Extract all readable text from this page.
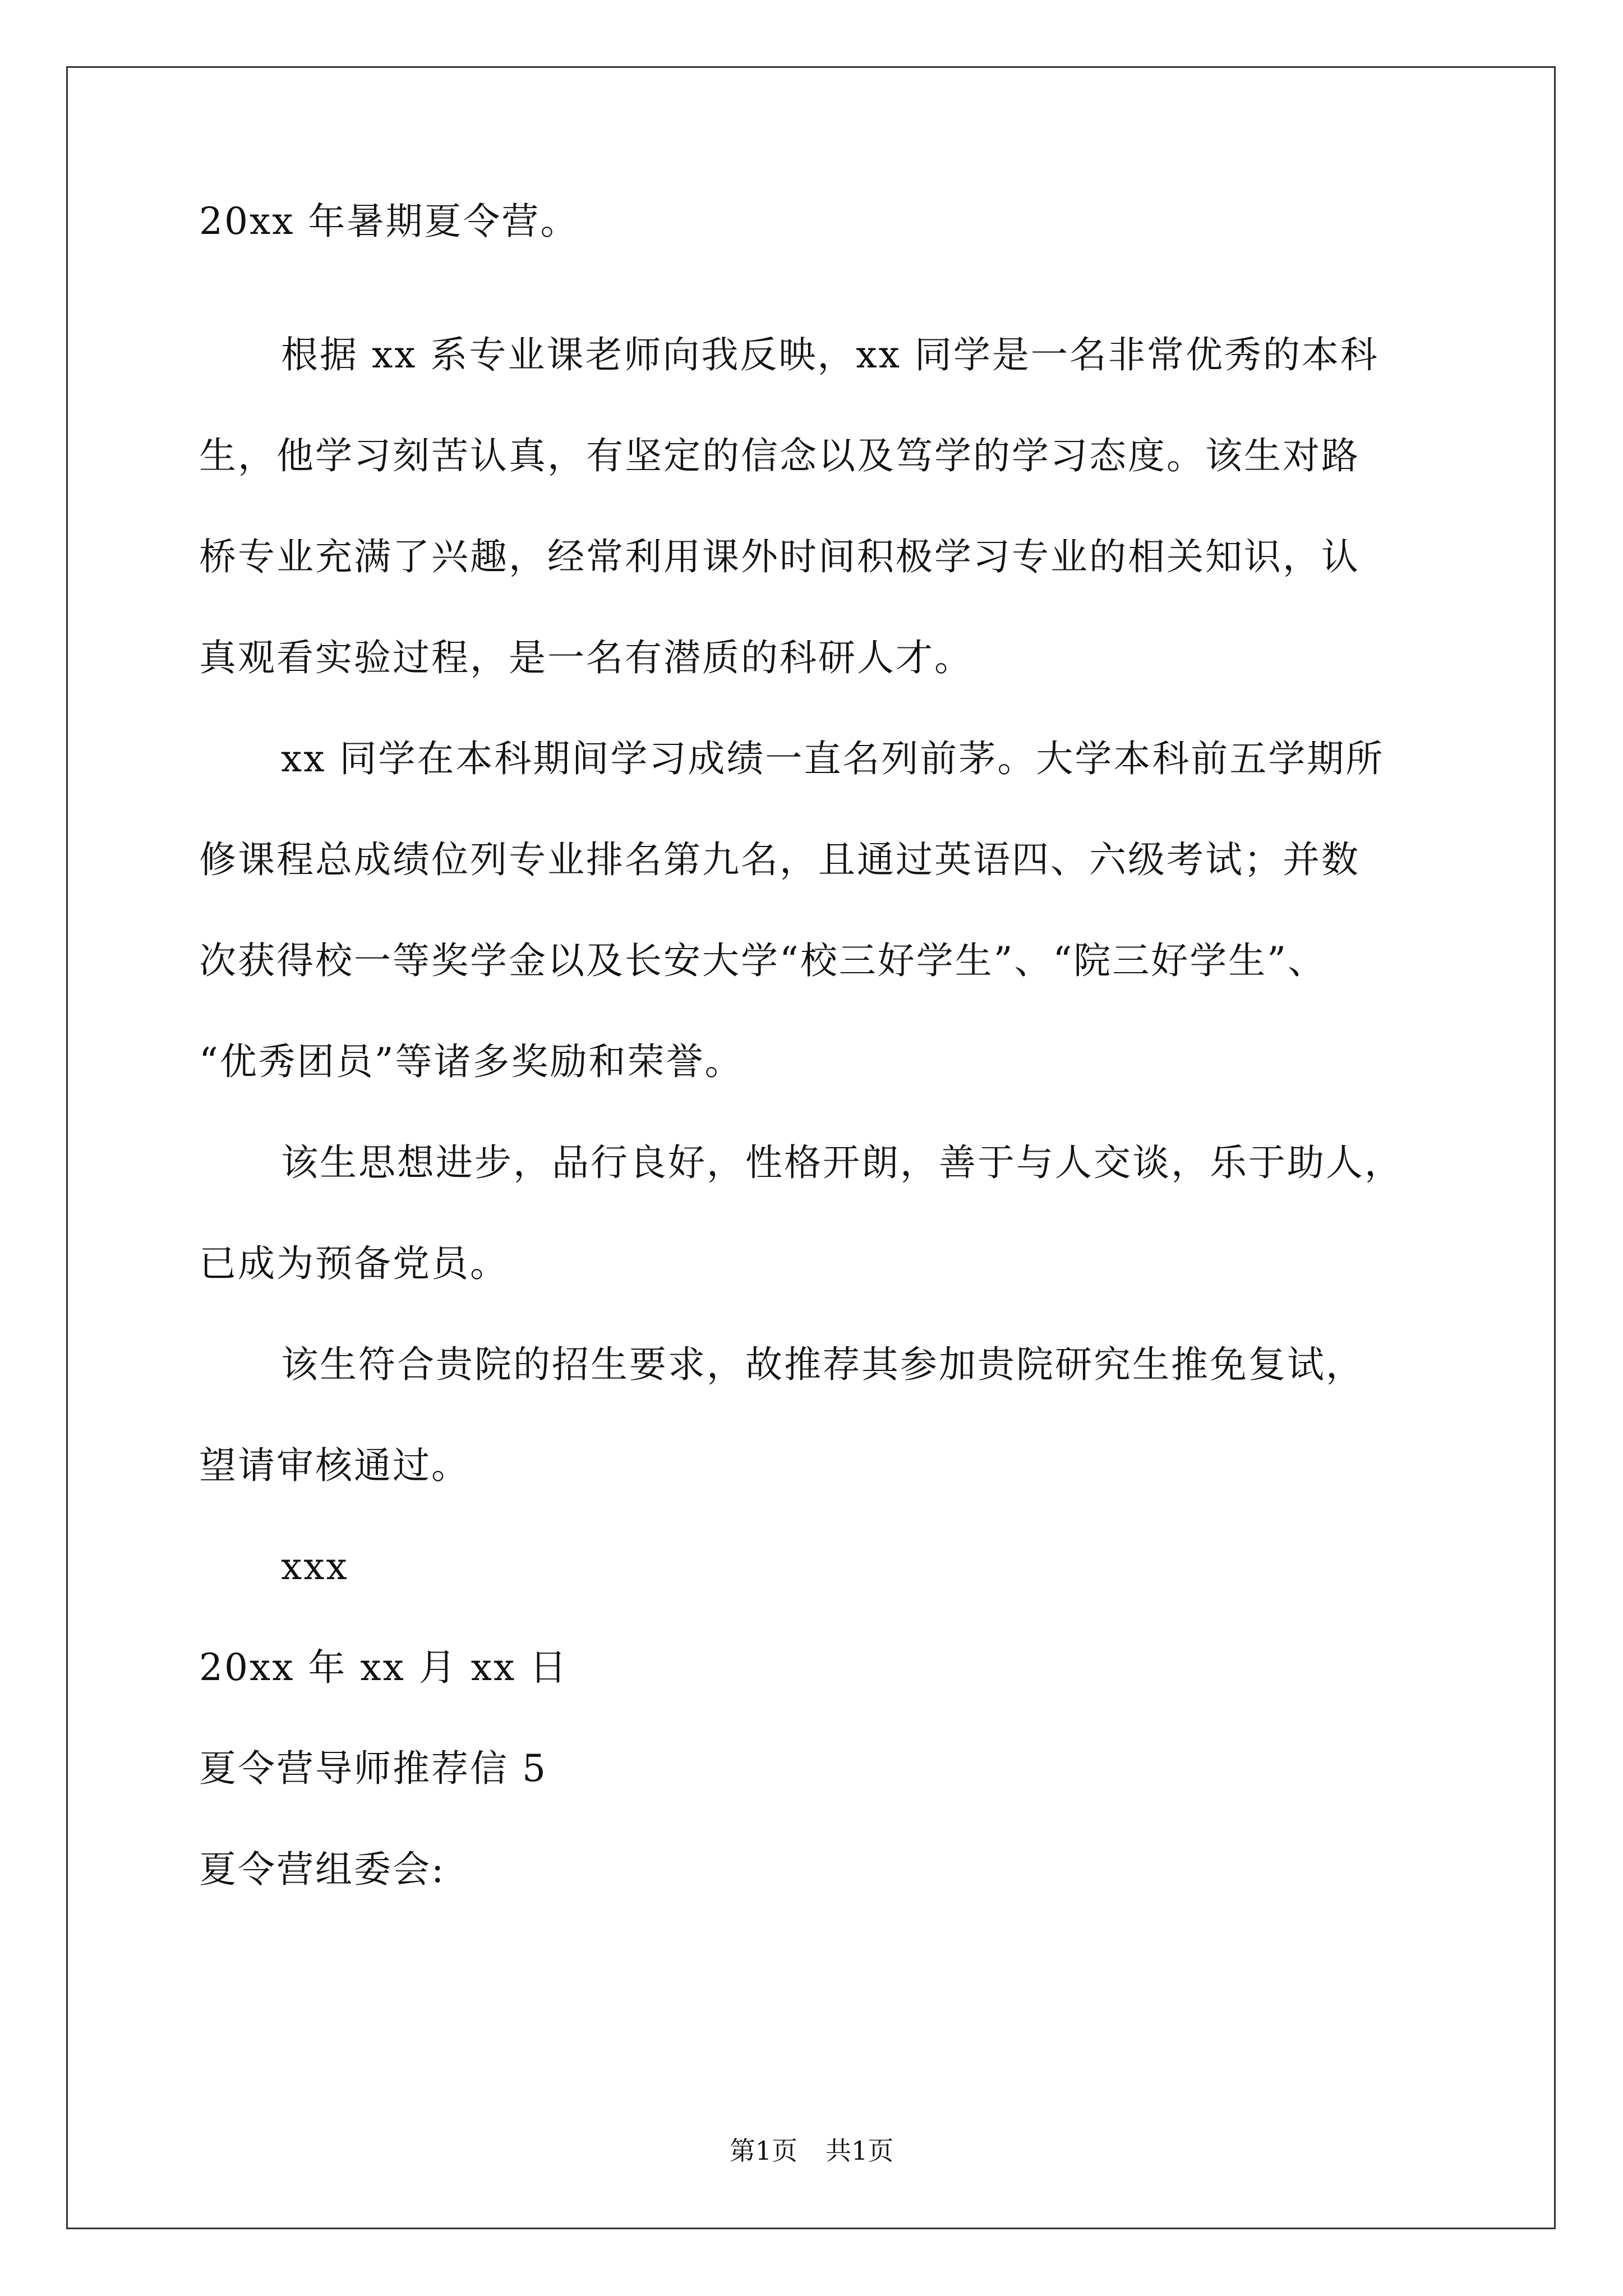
20xx 年暑期夏令营。
根据 xx 系专业课老师向我反映，xx 同学是一名非常优秀的本科
生，他学习刻苦认真，有坚定的信念以及笃学的学习态度。该生对路
桥专业充满了兴趣，经常利用课外时间积极学习专业的相关知识，认
真观看实验过程，是一名有潜质的科研人才。
xx 同学在本科期间学习成绩一直名列前茅。大学本科前五学期所
修课程总成绩位列专业排名第九名，且通过英语四、六级考试；并数
次获得校一等奖学金以及长安大学“校三好学生”、“院三好学生”、
“优秀团员”等诸多奖励和荣誉。
该生思想进步，品行良好，性格开朗，善于与人交谈，乐于助人，
已成为预备党员。
该生符合贵院的招生要求，故推荐其参加贵院研究生推免复试，
望请审核通过。
xxx
20xx 年 xx 月 xx 日
夏令营导师推荐信 5
夏令营组委会:
第1页 共1页
